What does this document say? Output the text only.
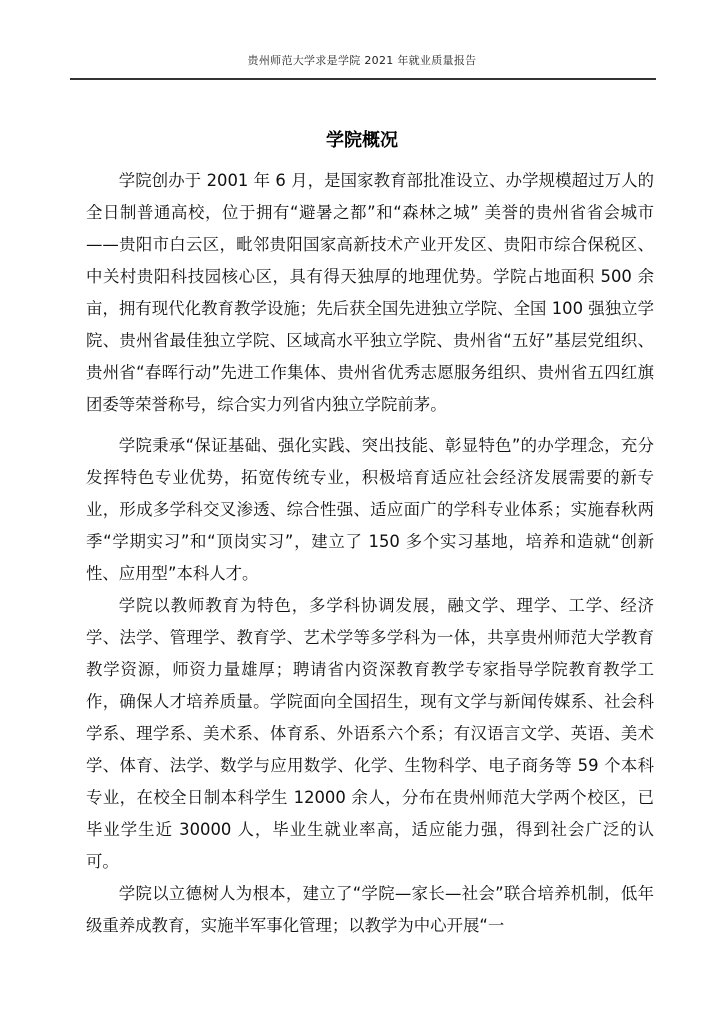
贵州师范大学求是学院 2021 年就业质量报告
学院概况

学院创办于 2001 年 6 月，是国家教育部批准设立、办学规模超过万人的全日制普通高校，位于拥有“避暑之都”和“森林之城” 美誉的贵州省省会城市——贵阳市白云区，毗邻贵阳国家高新技术产业开发区、贵阳市综合保税区、中关村贵阳科技园核心区，具有得天独厚的地理优势。学院占地面积 500 余亩，拥有现代化教育教学设施；先后获全国先进独立学院、全国 100 强独立学院、贵州省最佳独立学院、区域高水平独立学院、贵州省“五好”基层党组织、贵州省“春晖行动”先进工作集体、贵州省优秀志愿服务组织、贵州省五四红旗团委等荣誉称号，综合实力列省内独立学院前茅。

学院秉承“保证基础、强化实践、突出技能、彰显特色”的办学理念，充分发挥特色专业优势，拓宽传统专业，积极培育适应社会经济发展需要的新专业，形成多学科交叉渗透、综合性强、适应面广的学科专业体系；实施春秋两季“学期实习”和“顶岗实习”，建立了 150 多个实习基地，培养和造就“创新性、应用型”本科人才。

学院以教师教育为特色，多学科协调发展，融文学、理学、工学、经济学、法学、管理学、教育学、艺术学等多学科为一体，共享贵州师范大学教育教学资源，师资力量雄厚；聘请省内资深教育教学专家指导学院教育教学工作，确保人才培养质量。学院面向全国招生，现有文学与新闻传媒系、社会科学系、理学系、美术系、体育系、外语系六个系；有汉语言文学、英语、美术学、体育、法学、数学与应用数学、化学、生物科学、电子商务等 59 个本科专业，在校全日制本科学生 12000 余人，分布在贵州师范大学两个校区，已毕业学生近 30000 人，毕业生就业率高，适应能力强，得到社会广泛的认可。

学院以立德树人为根本，建立了“学院—家长—社会”联合培养机制，低年级重养成教育，实施半军事化管理；以教学为中心开展“一
